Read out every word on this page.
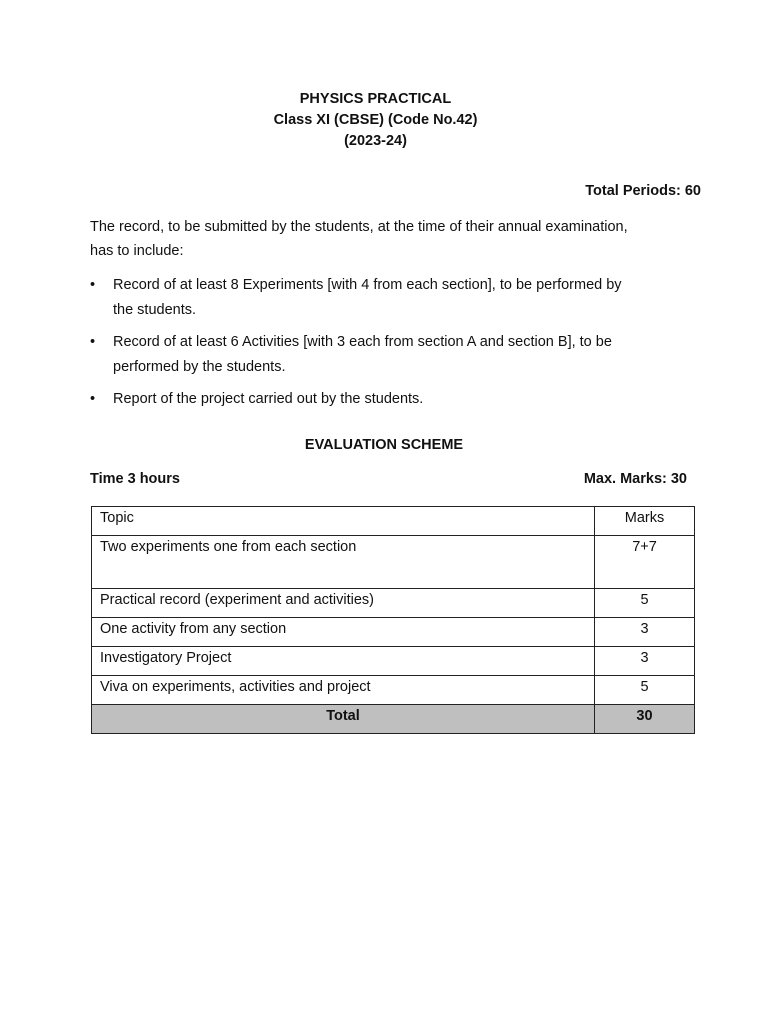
PHYSICS PRACTICAL
Class XI (CBSE) (Code No.42)
(2023-24)
Total Periods: 60
The record, to be submitted by the students, at the time of their annual examination,
has to include:
• Record of at least 8 Experiments [with 4 from each section], to be performed by the students.
• Record of at least 6 Activities [with 3 each from section A and section B], to be performed by the students.
• Report of the project carried out by the students.
EVALUATION SCHEME
Time 3 hours	Max. Marks: 30
Topic	Marks
Two experiments one from each section	7+7
Practical record (experiment and activities)	5
One activity from any section	3
Investigatory Project	3
Viva on experiments, activities and project	5
Total	30
